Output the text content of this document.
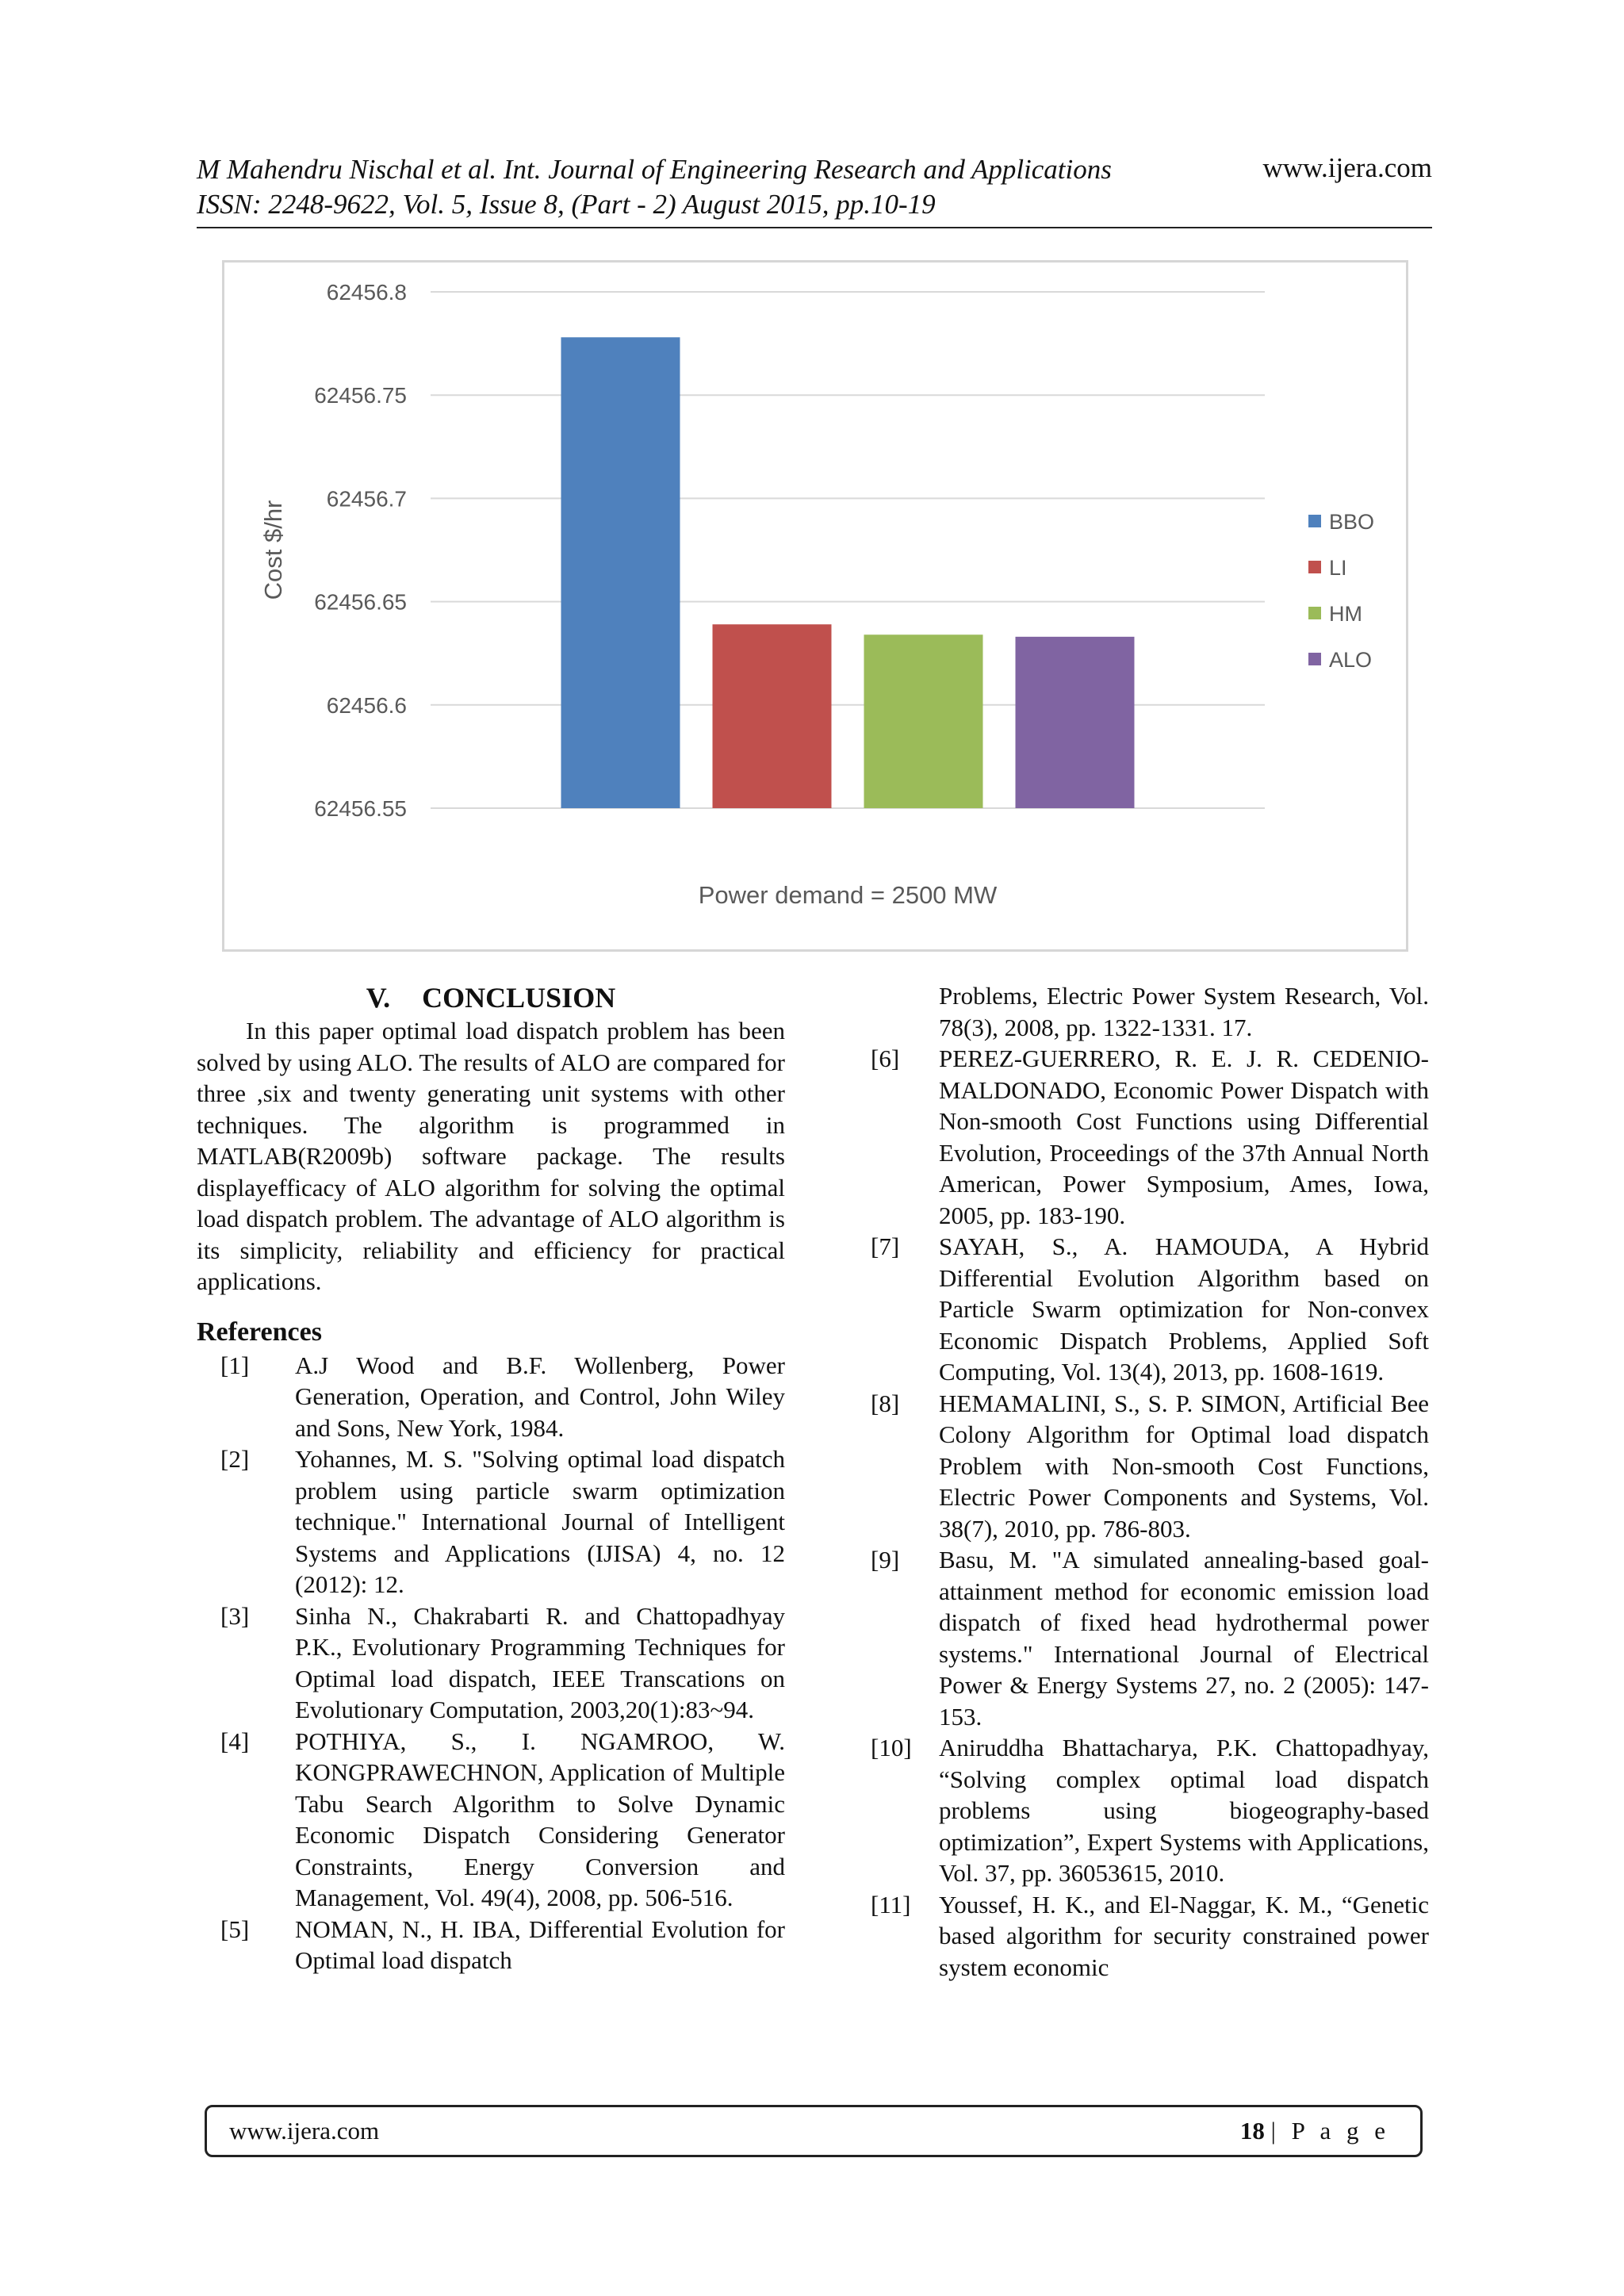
M Mahendru Nischal et al. Int. Journal of Engineering Research and Applications	www.ijera.com
ISSN: 2248-9622, Vol. 5, Issue 8, (Part - 2) August 2015, pp.10-19
62456.8
62456.75
62456.7
62456.65
62456.6
62456.55
Cost $/hr
Power demand = 2500 MW
BBO
LI
HM
ALO
V. CONCLUSION

In this paper optimal load dispatch problem has been solved by using ALO. The results of ALO are compared for three ,six and twenty generating unit systems with other techniques. The algorithm is programmed in MATLAB(R2009b) software package. The results displayefficacy of ALO algorithm for solving the optimal load dispatch problem. The advantage of ALO algorithm is its simplicity, reliability and efficiency for practical applications.

References
[1]	A.J Wood and B.F. Wollenberg, Power Generation, Operation, and Control, John Wiley and Sons, New York, 1984.
[2]	Yohannes, M. S. "Solving optimal load dispatch problem using particle swarm optimization technique." International Journal of Intelligent Systems and Applications (IJISA) 4, no. 12 (2012): 12.
[3]	Sinha N., Chakrabarti R. and Chattopadhyay P.K., Evolutionary Programming Techniques for Optimal load dispatch, IEEE Transcations on Evolutionary Computation, 2003,20(1):83~94.
[4]	POTHIYA, S., I. NGAMROO, W. KONGPRAWECHNON, Application of Multiple Tabu Search Algorithm to Solve Dynamic Economic Dispatch Considering Generator Constraints, Energy Conversion and Management, Vol. 49(4), 2008, pp. 506-516.
[5]	NOMAN, N., H. IBA, Differential Evolution for Optimal load dispatch

Problems, Electric Power System Research, Vol. 78(3), 2008, pp. 1322-1331. 17.

[6]	PEREZ-GUERRERO, R. E. J. R. CEDENIO-MALDONADO, Economic Power Dispatch with Non-smooth Cost Functions using Differential Evolution, Proceedings of the 37th Annual North American, Power Symposium, Ames, Iowa, 2005, pp. 183-190.
[7]	SAYAH, S., A. HAMOUDA, A Hybrid Differential Evolution Algorithm based on Particle Swarm optimization for Non-convex Economic Dispatch Problems, Applied Soft Computing, Vol. 13(4), 2013, pp. 1608-1619.
[8]	HEMAMALINI, S., S. P. SIMON, Artificial Bee Colony Algorithm for Optimal load dispatch Problem with Non-smooth Cost Functions, Electric Power Components and Systems, Vol. 38(7), 2010, pp. 786-803.
[9]	Basu, M. "A simulated annealing-based goal-attainment method for economic emission load dispatch of fixed head hydrothermal power systems." International Journal of Electrical Power & Energy Systems 27, no. 2 (2005): 147-153.
[10]	Aniruddha Bhattacharya, P.K. Chattopadhyay, “Solving complex optimal load dispatch problems using biogeography-based optimization”, Expert Systems with Applications, Vol. 37, pp. 36053615, 2010.
[11]	Youssef, H. K., and El-Naggar, K. M., “Genetic based algorithm for security constrained power system economic
www.ijera.com	18 | P a g e
